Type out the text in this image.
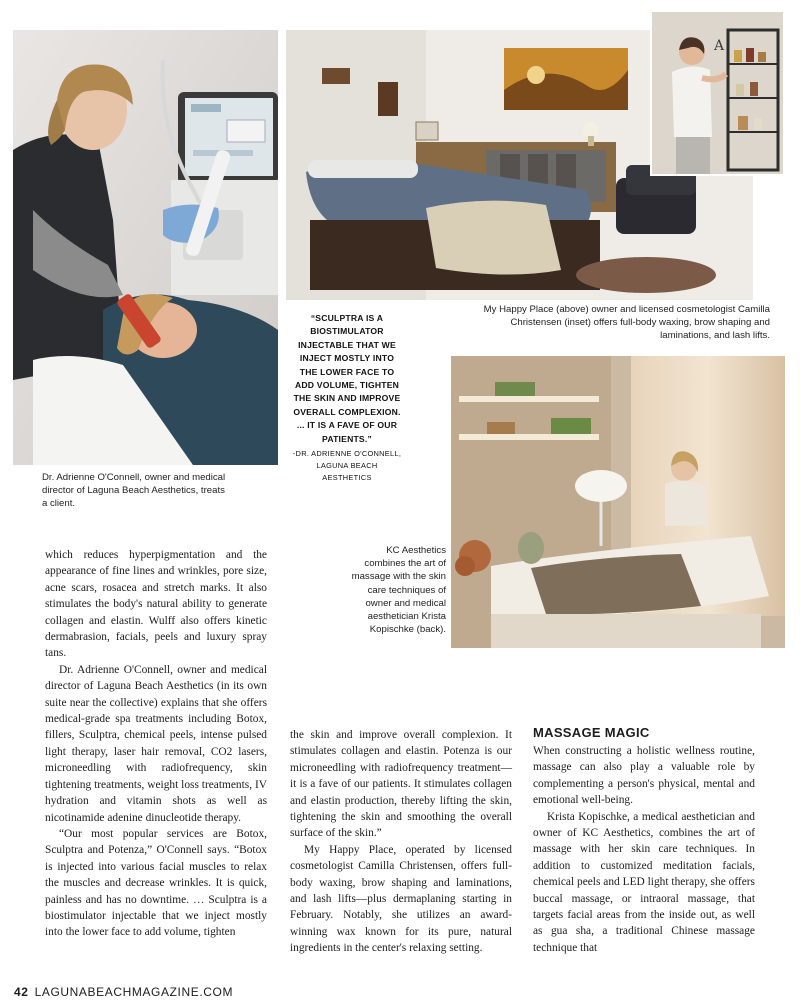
A
Dr. Adrienne O'Connell, owner and medical director of Laguna Beach Aesthetics, treats a client.
My Happy Place (above) owner and licensed cosmetologist Camilla Christensen (inset) offers full-body waxing, brow shaping and laminations, and lash lifts.
KC Aesthetics combines the art of massage with the skin care techniques of owner and medical aesthetician Krista Kopischke (back).
“SCULPTRA IS A BIOSTIMULATOR INJECTABLE THAT WE INJECT MOSTLY INTO THE LOWER FACE TO ADD VOLUME, TIGHTEN THE SKIN AND IMPROVE OVERALL COMPLEXION. ... IT IS A FAVE OF OUR PATIENTS.”
-DR. ADRIENNE O'CONNELL,
LAGUNA BEACH AESTHETICS

which reduces hyperpigmentation and the appearance of fine lines and wrinkles, pore size, acne scars, rosacea and stretch marks. It also stimulates the body's natural ability to generate collagen and elastin. Wulff also offers kinetic dermabrasion, facials, peels and luxury spray tans.

Dr. Adrienne O'Connell, owner and medical director of Laguna Beach Aesthetics (in its own suite near the collective) explains that she offers medical-grade spa treatments including Botox, fillers, Sculptra, chemical peels, intense pulsed light therapy, laser hair removal, CO2 lasers, microneedling with radiofrequency, skin tightening treatments, weight loss treatments, IV hydration and vitamin shots as well as nicotinamide adenine dinucleotide therapy.

“Our most popular services are Botox, Sculptra and Potenza,” O'Connell says. “Botox is injected into various facial muscles to relax the muscles and decrease wrinkles. It is quick, painless and has no downtime. … Sculptra is a biostimulator injectable that we inject mostly into the lower face to add volume, tighten

the skin and improve overall complexion. It stimulates collagen and elastin. Potenza is our microneedling with radiofrequency treatment—it is a fave of our patients. It stimulates collagen and elastin production, thereby lifting the skin, tightening the skin and smoothing the overall surface of the skin.”

My Happy Place, operated by licensed cosmetologist Camilla Christensen, offers full-body waxing, brow shaping and laminations, and lash lifts—plus dermaplaning starting in February. Notably, she utilizes an award-winning wax known for its pure, natural ingredients in the center's relaxing setting.

MASSAGE MAGIC

When constructing a holistic wellness routine, massage can also play a valuable role by complementing a person's physical, mental and emotional well-being.

Krista Kopischke, a medical aesthetician and owner of KC Aesthetics, combines the art of massage with her skin care techniques. In addition to customized meditation facials, chemical peels and LED light therapy, she offers buccal massage, or intraoral massage, that targets facial areas from the inside out, as well as gua sha, a traditional Chinese massage technique that

42 LAGUNABEACHMAGAZINE.COM
